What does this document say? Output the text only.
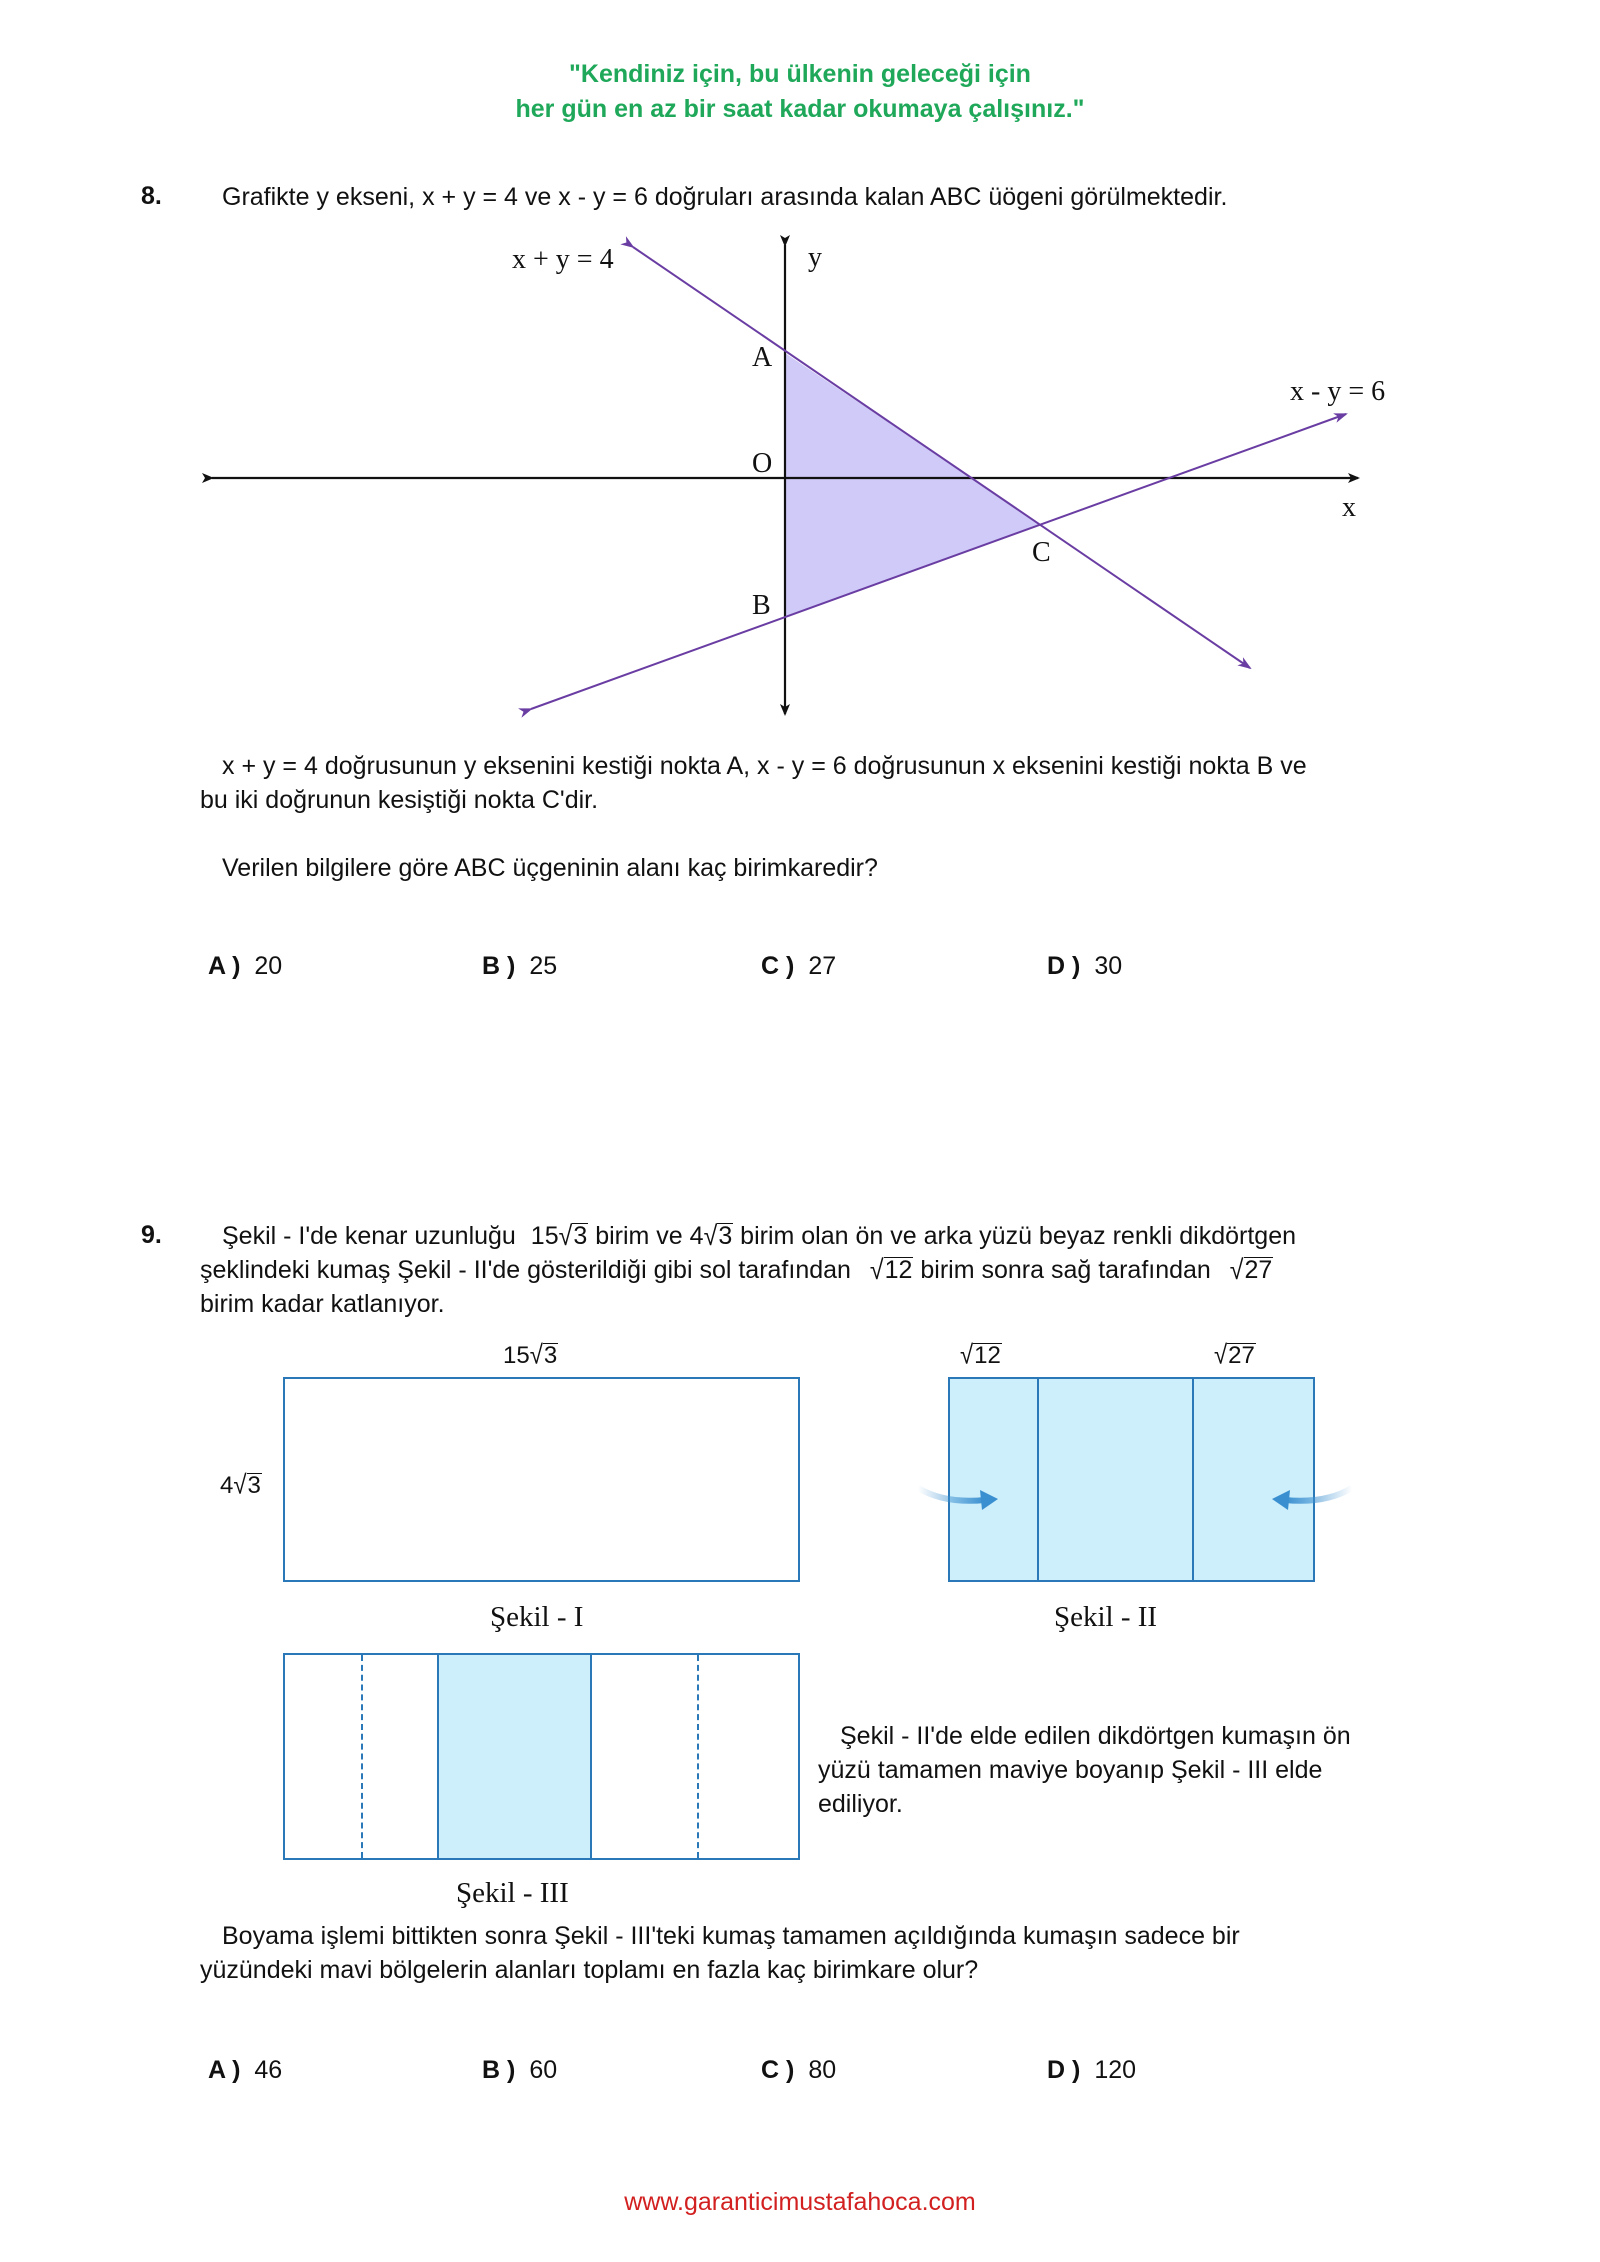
"Kendiniz için, bu ülkenin geleceği için
her gün en az bir saat kadar okumaya çalışınız."
8. Grafikte y ekseni, x + y = 4 ve x - y = 6 doğruları arasında kalan ABC üögeni görülmektedir.
x + y = 4
x - y = 6
y
x
A
O
B
C
x + y = 4 doğrusunun y eksenini kestiği nokta A, x - y = 6 doğrusunun x eksenini kestiği nokta B ve
bu iki doğrunun kesiştiği nokta C'dir.
Verilen bilgilere göre ABC üçgeninin alanı kaç birimkaredir?
A ) 20	B ) 25	C ) 27	D ) 30
9. Şekil - I'de kenar uzunluğu 15√3 birim ve 4√3 birim olan ön ve arka yüzü beyaz renkli dikdörtgen
şeklindeki kumaş Şekil - II'de gösterildiği gibi sol tarafından √12 birim sonra sağ tarafından √27
birim kadar katlanıyor.
15√3
4√3
Şekil - I
√12	√27
Şekil - II
Şekil - III
Şekil - II'de elde edilen dikdörtgen kumaşın ön
yüzü tamamen maviye boyanıp Şekil - III elde
ediliyor.
Boyama işlemi bittikten sonra Şekil - III'teki kumaş tamamen açıldığında kumaşın sadece bir
yüzündeki mavi bölgelerin alanları toplamı en fazla kaç birimkare olur?
A ) 46	B ) 60	C ) 80	D ) 120
www.garanticimustafahoca.com
